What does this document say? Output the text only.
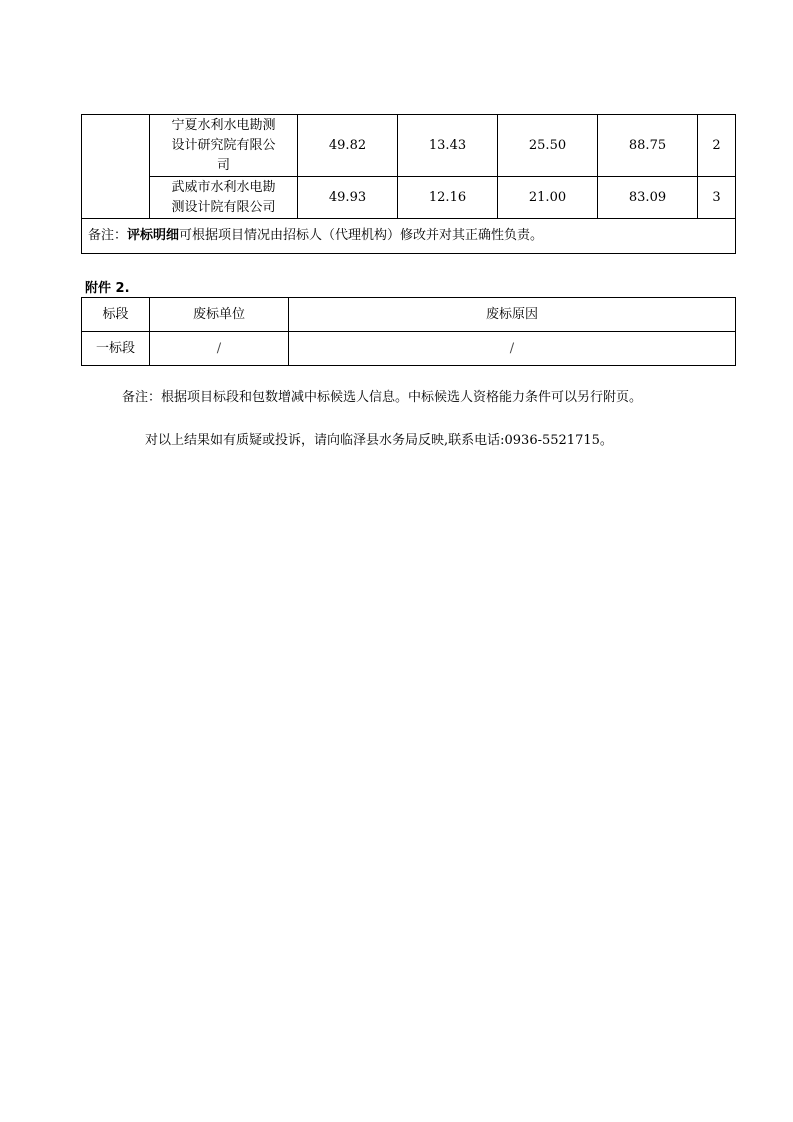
	宁夏水利水电勘测
设计研究院有限公
司	49.82	13.43	25.50	88.75	2
	武威市水利水电勘
测设计院有限公司	49.93	12.16	21.00	83.09	3
备注：评标明细可根据项目情况由招标人（代理机构）修改并对其正确性负责。						
附件 2.
标段	废标单位	废标原因
一标段	/	/
备注：根据项目标段和包数增减中标候选人信息。中标候选人资格能力条件可以另行附页。
对以上结果如有质疑或投诉，请向临泽县水务局反映,联系电话:0936-5521715。
